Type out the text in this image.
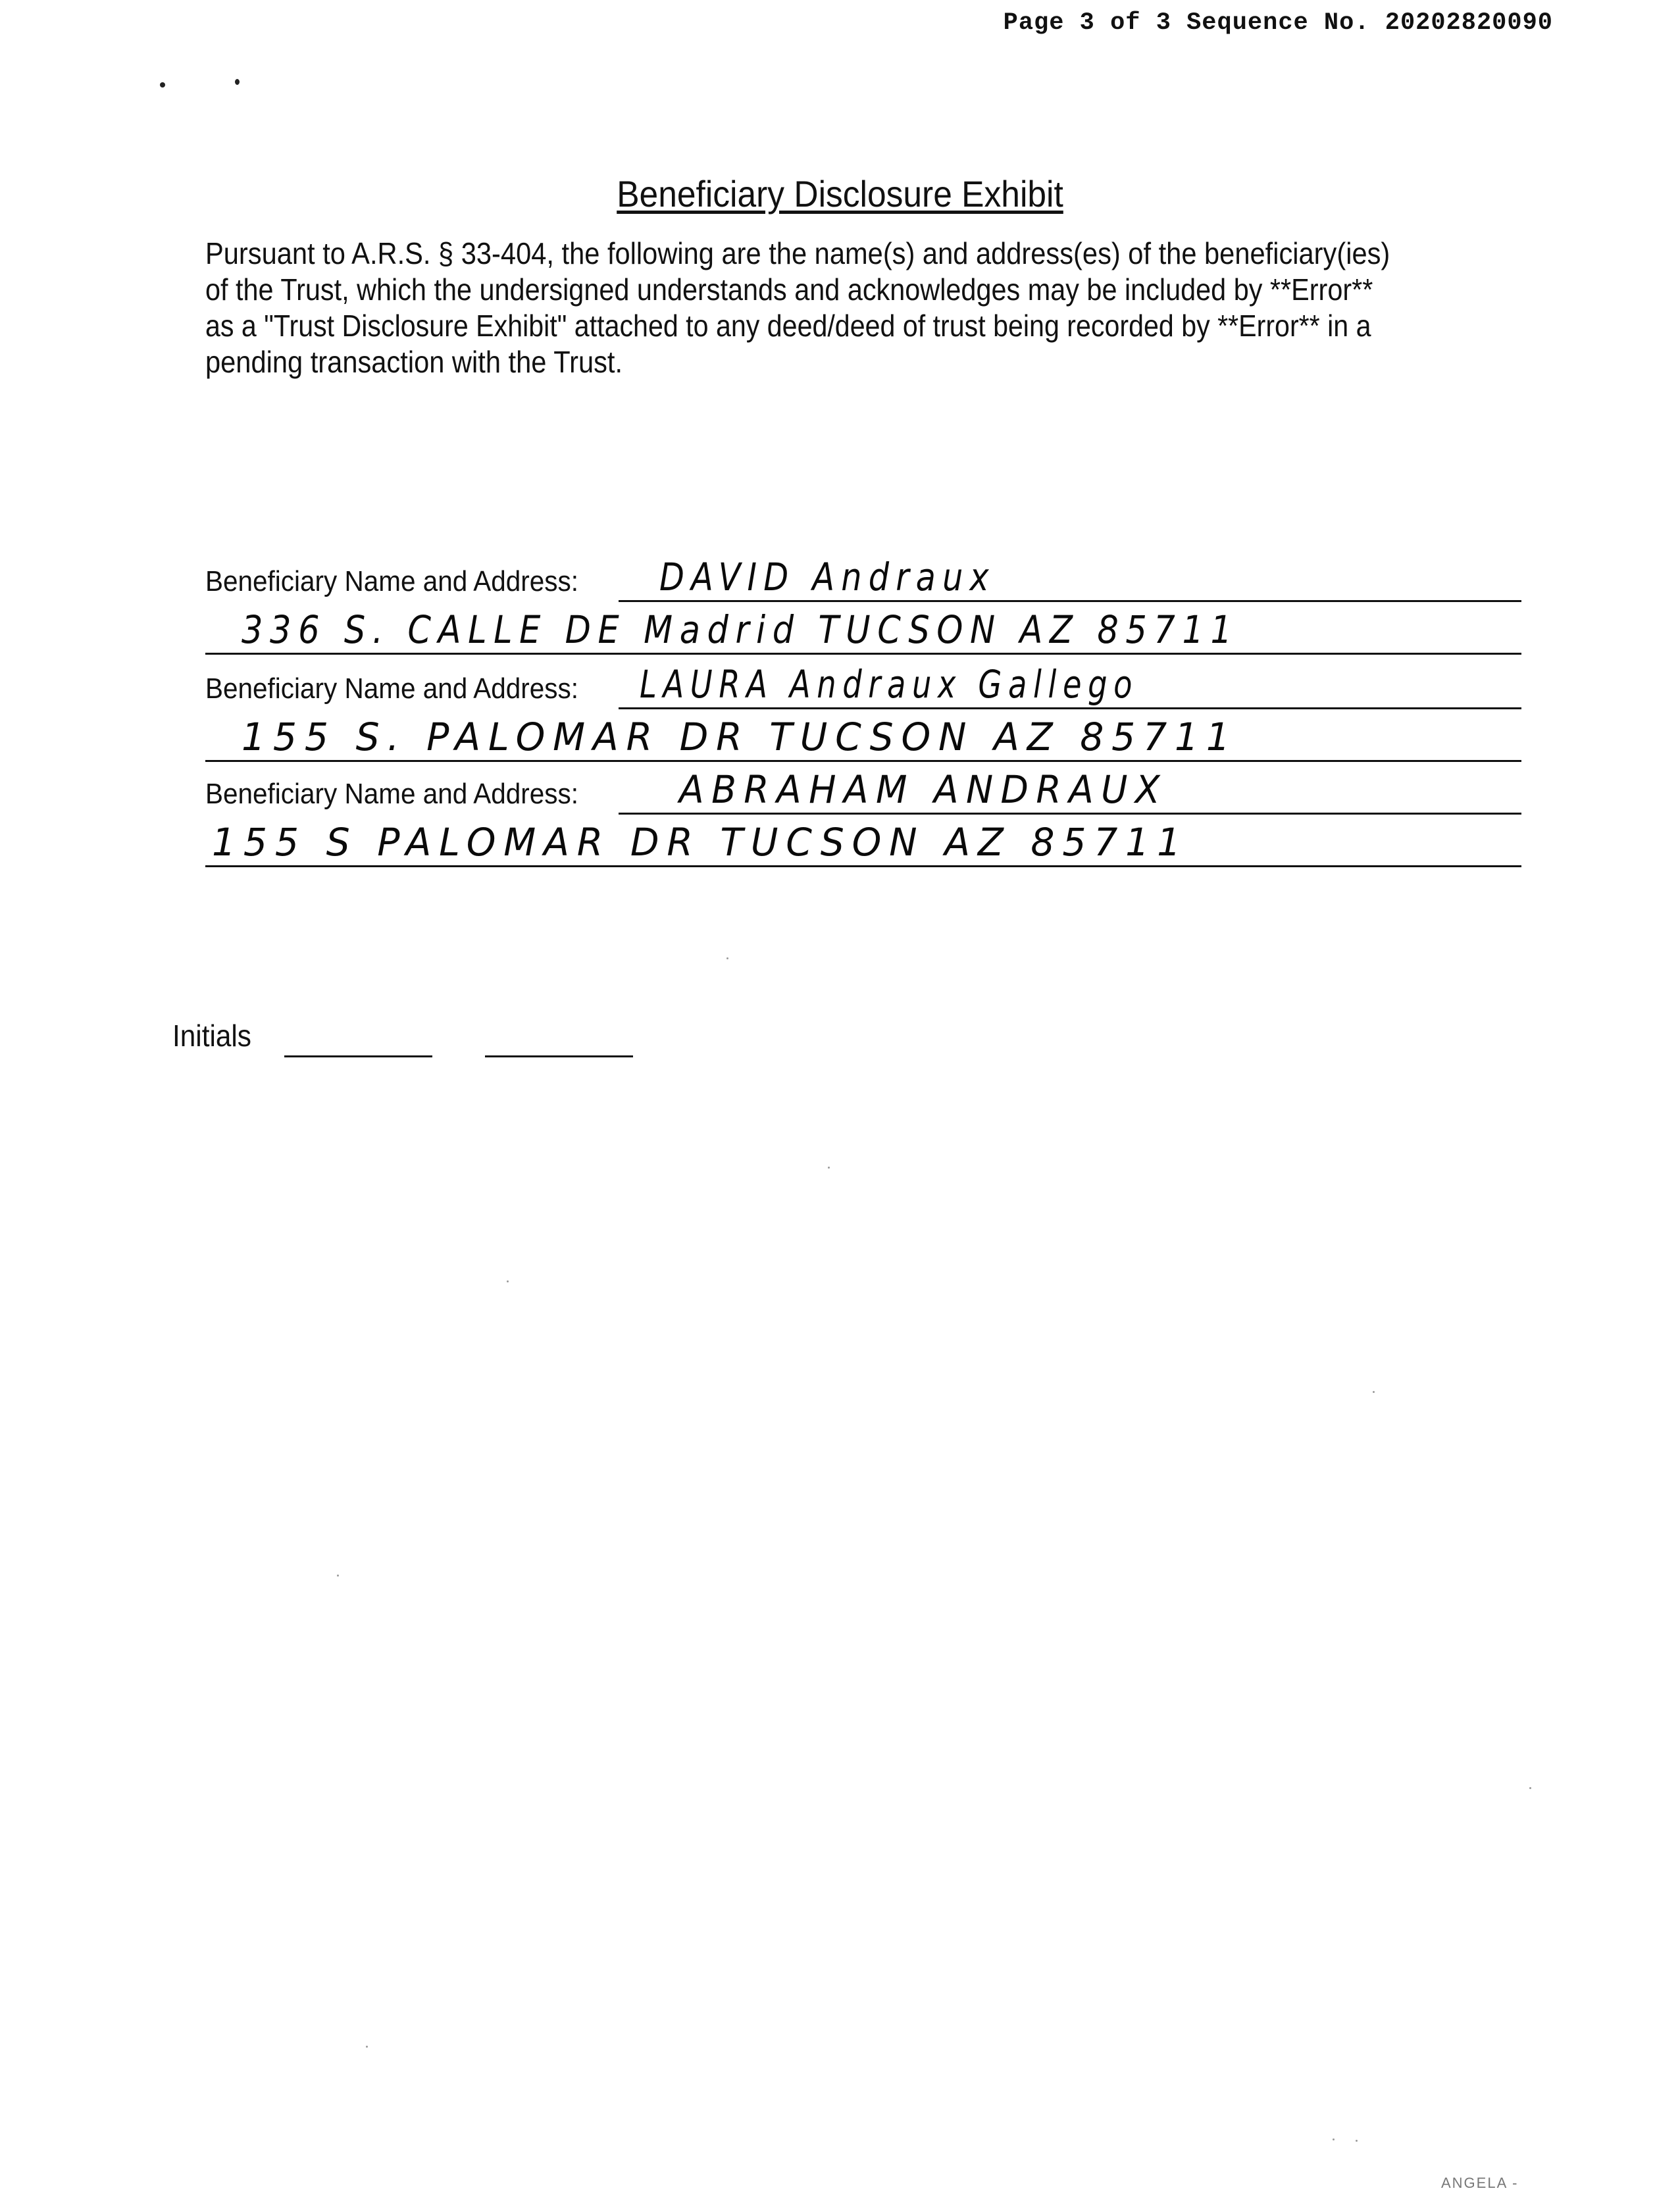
Page 3 of 3 Sequence No. 20202820090
Beneficiary Disclosure Exhibit
Pursuant to A.R.S. § 33-404, the following are the name(s) and address(es) of the beneficiary(ies)
of the Trust, which the undersigned understands and acknowledges may be included by **Error**
as a "Trust Disclosure Exhibit" attached to any deed/deed of trust being recorded by **Error** in a
pending transaction with the Trust.
Beneficiary Name and Address: DAVID Andraux
336 S. CALLE DE Madrid TUCSON AZ 85711
Beneficiary Name and Address: LAURA Andraux Gallego
155 S. PALOMAR DR TUCSON AZ 85711
Beneficiary Name and Address:	ABRAHAM ANDRAUX
155 S PALOMAR DR TUCSON AZ 85711
Initials
ANGELA -
